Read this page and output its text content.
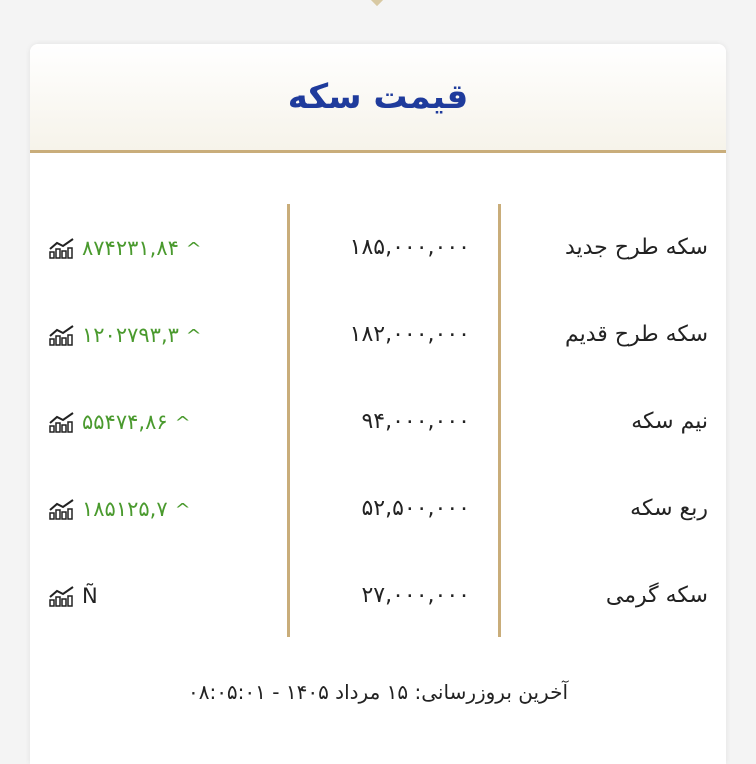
قیمت سکه
سکه طرح جدید
۱۸۵,۰۰۰,۰۰۰
۸۷۴۲۳۱,۸۴ ^
سکه طرح قدیم
۱۸۲,۰۰۰,۰۰۰
۱۲۰۲۷۹۳,۳ ^
نیم سکه
۹۴,۰۰۰,۰۰۰
۵۵۴۷۴,۸۶ ^
ربع سکه
۵۲,۵۰۰,۰۰۰
۱۸۵۱۲۵,۷ ^
سکه گرمی
۲۷,۰۰۰,۰۰۰
Ñ
آخرین بروزرسانی: ۱۵ مرداد ۱۴۰۵ - ۰۸:۰۵:۰۱
